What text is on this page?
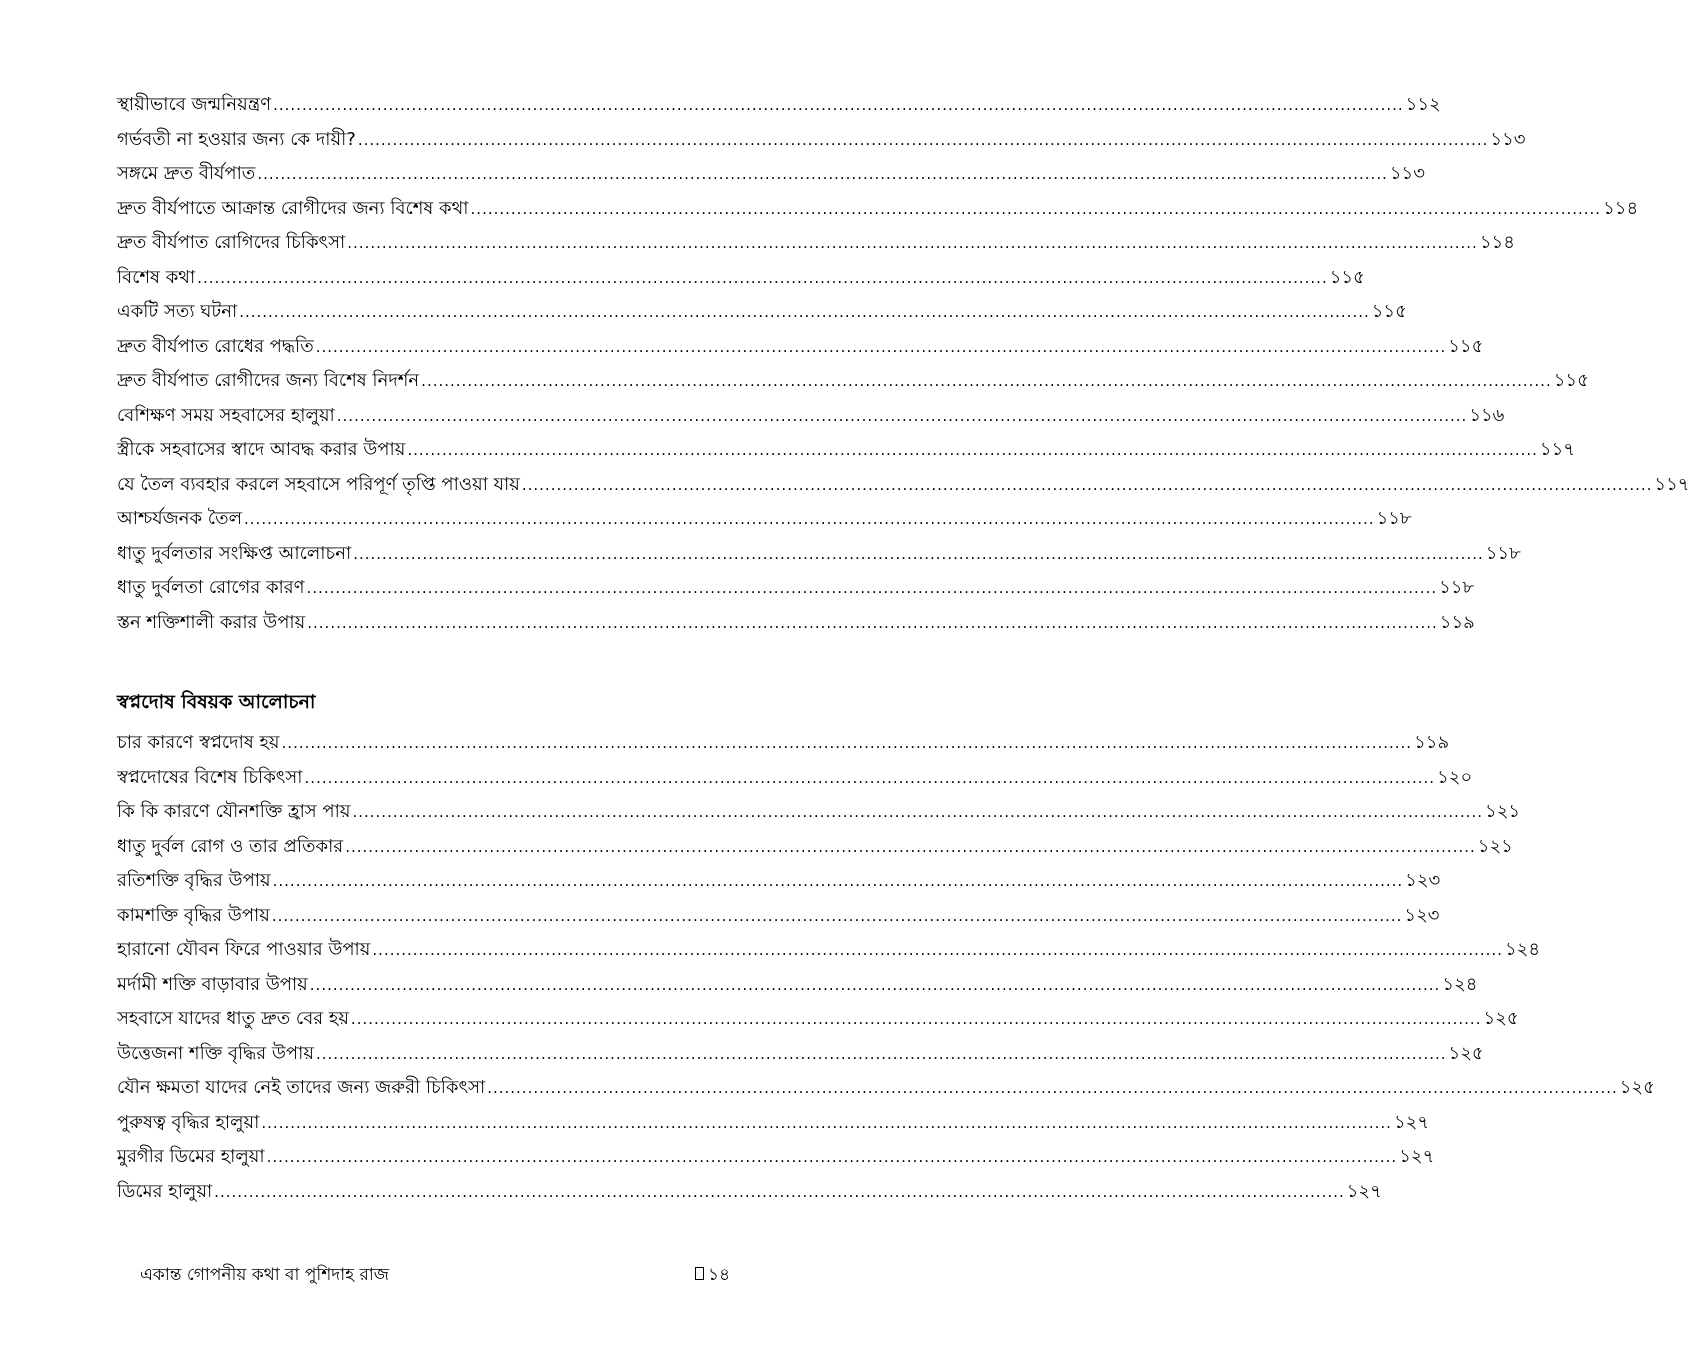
স্থায়ীভাবে জন্মনিয়ন্ত্রণ .....	১১২
গর্ভবতী না হওয়ার জন্য কে দায়ী? .....	১১৩
সঙ্গমে দ্রুত বীর্যপাত .....	১১৩
দ্রুত বীর্যপাতে আক্রান্ত রোগীদের জন্য বিশেষ কথা .....	১১৪
দ্রুত বীর্যপাত রোগিদের চিকিৎসা .....	১১৪
বিশেষ কথা .....	১১৫
একটি সত্য ঘটনা .....	১১৫
দ্রুত বীর্যপাত রোধের পদ্ধতি .....	১১৫
দ্রুত বীর্যপাত রোগীদের জন্য বিশেষ নিদর্শন .....	১১৫
বেশিক্ষণ সময় সহবাসের হালুয়া .....	১১৬
স্ত্রীকে সহবাসের স্বাদে আবদ্ধ করার উপায় .....	১১৭
যে তৈল ব্যবহার করলে সহবাসে পরিপূর্ণ তৃপ্তি পাওয়া যায় .....	১১৭
আশ্চর্যজনক তৈল .....	১১৮
ধাতু দুর্বলতার সংক্ষিপ্ত আলোচনা .....	১১৮
ধাতু দুর্বলতা রোগের কারণ .....	১১৮
স্তন শক্তিশালী করার উপায় .....	১১৯
স্বপ্নদোষ বিষয়ক আলোচনা
চার কারণে স্বপ্নদোষ হয় .....	১১৯
স্বপ্নদোষের বিশেষ চিকিৎসা .....	১২০
কি কি কারণে যৌনশক্তি হ্রাস পায় .....	১২১
ধাতু দুর্বল রোগ ও তার প্রতিকার .....	১২১
রতিশক্তি বৃদ্ধির উপায় .....	১২৩
কামশক্তি বৃদ্ধির উপায় .....	১২৩
হারানো যৌবন ফিরে পাওয়ার উপায় .....	১২৪
মর্দামী শক্তি বাড়াবার উপায় .....	১২৪
সহবাসে যাদের ধাতু দ্রুত বের হয় .....	১২৫
উত্তেজনা শক্তি বৃদ্ধির উপায় .....	১২৫
যৌন ক্ষমতা যাদের নেই তাদের জন্য জরুরী চিকিৎসা .....	১২৫
পুরুষত্ব বৃদ্ধির হালুয়া .....	১২৭
মুরগীর ডিমের হালুয়া .....	১২৭
ডিমের হালুয়া .....	১২৭
একান্ত গোপনীয় কথা বা পুশিদাহ রাজ	১৪
